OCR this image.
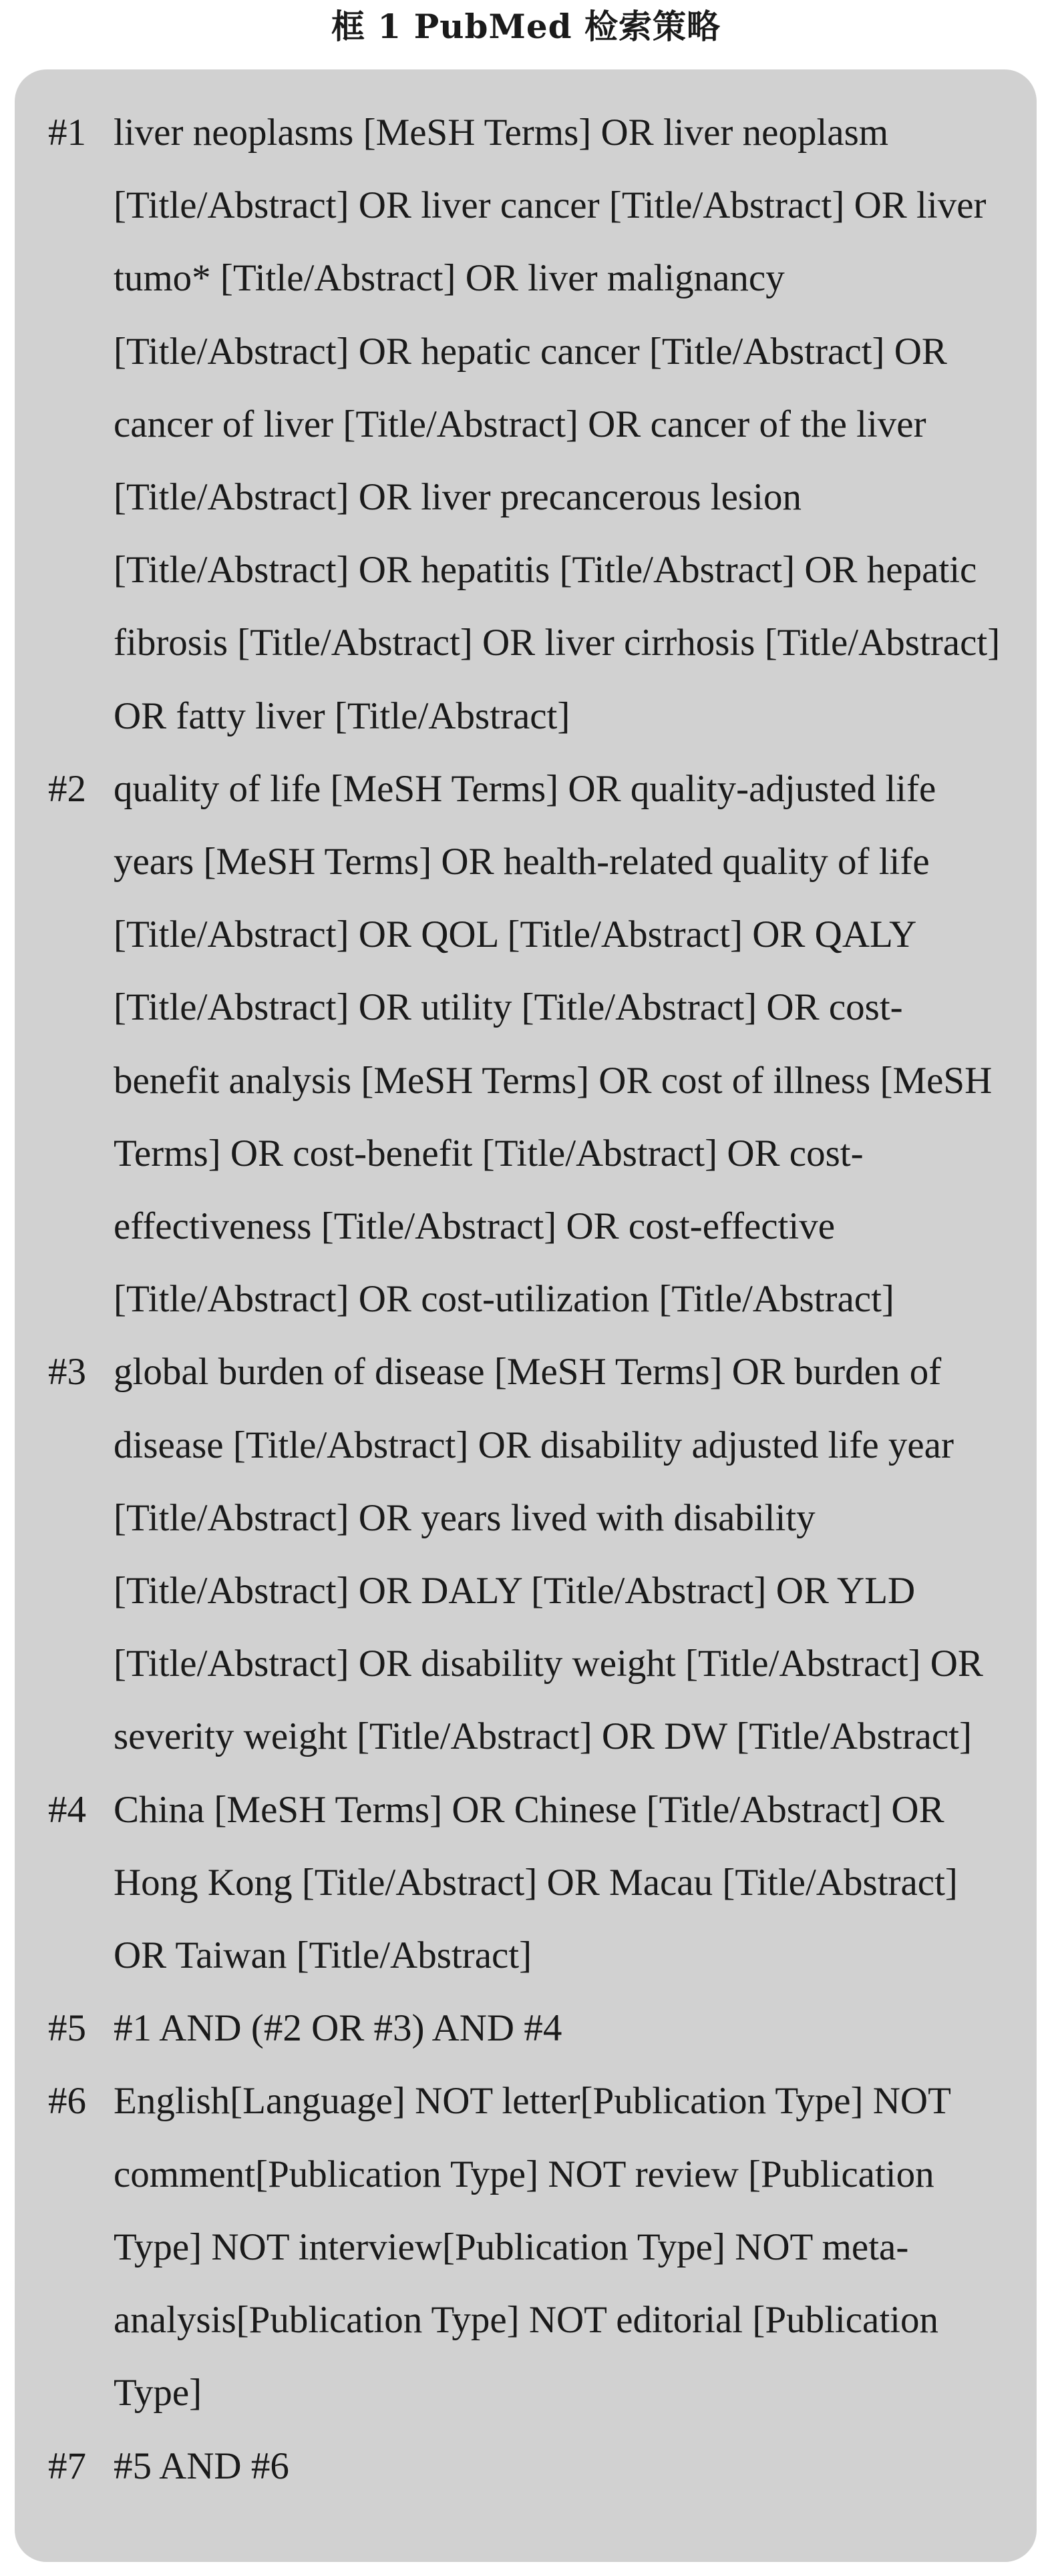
框 1 PubMed 检索策略
#1 liver neoplasms [MeSH Terms] OR liver neoplasm [Title/Abstract] OR liver cancer [Title/Abstract] OR liver tumo* [Title/Abstract] OR liver malignancy [Title/Abstract] OR hepatic cancer [Title/Abstract] OR cancer of liver [Title/Abstract] OR cancer of the liver [Title/Abstract] OR liver precancerous lesion [Title/Abstract] OR hepatitis [Title/Abstract] OR hepatic fibrosis [Title/Abstract] OR liver cirrhosis [Title/Abstract] OR fatty liver [Title/Abstract]
#2 quality of life [MeSH Terms] OR quality-adjusted life years [MeSH Terms] OR health-related quality of life [Title/Abstract] OR QOL [Title/Abstract] OR QALY [Title/Abstract] OR utility [Title/Abstract] OR cost-benefit analysis [MeSH Terms] OR cost of illness [MeSH Terms] OR cost-benefit [Title/Abstract] OR cost-effectiveness [Title/Abstract] OR cost-effective [Title/Abstract] OR cost-utilization [Title/Abstract]
#3 global burden of disease [MeSH Terms] OR burden of disease [Title/Abstract] OR disability adjusted life year [Title/Abstract] OR years lived with disability [Title/Abstract] OR DALY [Title/Abstract] OR YLD [Title/Abstract] OR disability weight [Title/Abstract] OR severity weight [Title/Abstract] OR DW [Title/Abstract]
#4 China [MeSH Terms] OR Chinese [Title/Abstract] OR Hong Kong [Title/Abstract] OR Macau [Title/Abstract] OR Taiwan [Title/Abstract]
#5 #1 AND (#2 OR #3) AND #4
#6 English[Language] NOT letter[Publication Type] NOT comment[Publication Type] NOT review [Publication Type] NOT interview[Publication Type] NOT meta-analysis[Publication Type] NOT editorial [Publication Type]
#7 #5 AND #6
